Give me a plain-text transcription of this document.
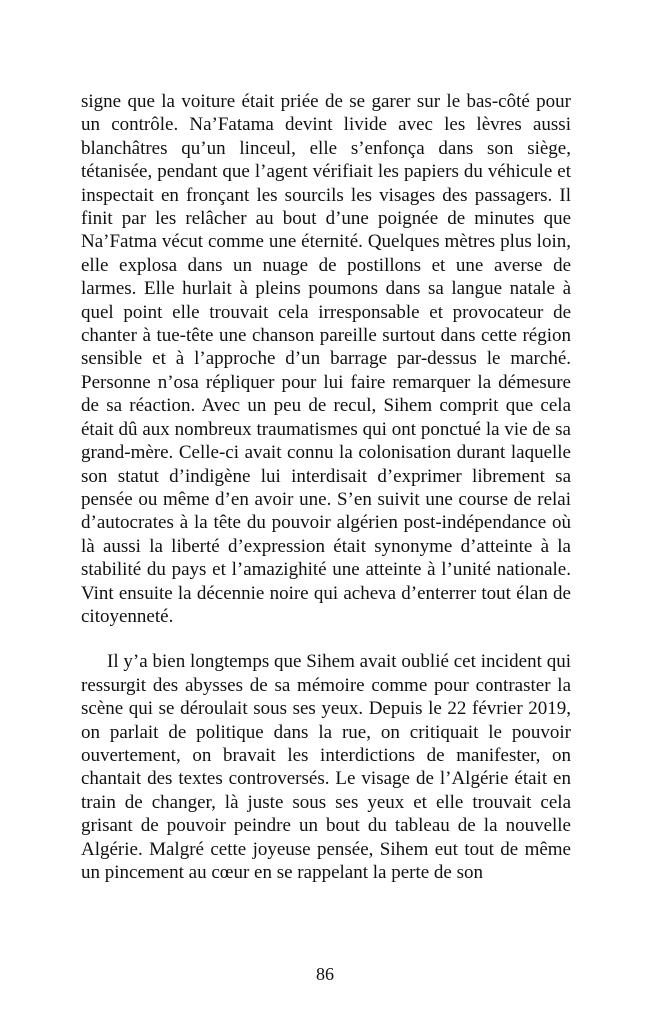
signe que la voiture était priée de se garer sur le bas-côté pour un contrôle. Na’Fatama devint livide avec les lèvres aussi blanchâtres qu’un linceul, elle s’enfonça dans son siège, tétanisée, pendant que l’agent vérifiait les papiers du véhicule et inspectait en fronçant les sourcils les visages des passagers. Il finit par les relâcher au bout d’une poignée de minutes que Na’Fatma vécut comme une éternité. Quelques mètres plus loin, elle explosa dans un nuage de postillons et une averse de larmes. Elle hurlait à pleins poumons dans sa langue natale à quel point elle trouvait cela irresponsable et provocateur de chanter à tue-tête une chanson pareille surtout dans cette région sensible et à l’approche d’un barrage par-dessus le marché. Personne n’osa répliquer pour lui faire remarquer la démesure de sa réaction. Avec un peu de recul, Sihem comprit que cela était dû aux nombreux traumatismes qui ont ponctué la vie de sa grand-mère. Celle-ci avait connu la colonisation durant laquelle son statut d’indigène lui interdisait d’exprimer librement sa pensée ou même d’en avoir une. S’en suivit une course de relai d’autocrates à la tête du pouvoir algérien post-indépendance où là aussi la liberté d’expression était synonyme d’atteinte à la stabilité du pays et l’amazighité une atteinte à l’unité nationale. Vint ensuite la décennie noire qui acheva d’enterrer tout élan de citoyenneté.

Il y’a bien longtemps que Sihem avait oublié cet incident qui ressurgit des abysses de sa mémoire comme pour contraster la scène qui se déroulait sous ses yeux. Depuis le 22 février 2019, on parlait de politique dans la rue, on critiquait le pouvoir ouvertement, on bravait les interdictions de manifester, on chantait des textes controversés. Le visage de l’Algérie était en train de changer, là juste sous ses yeux et elle trouvait cela grisant de pouvoir peindre un bout du tableau de la nouvelle Algérie. Malgré cette joyeuse pensée, Sihem eut tout de même un pincement au cœur en se rappelant la perte de son

86
